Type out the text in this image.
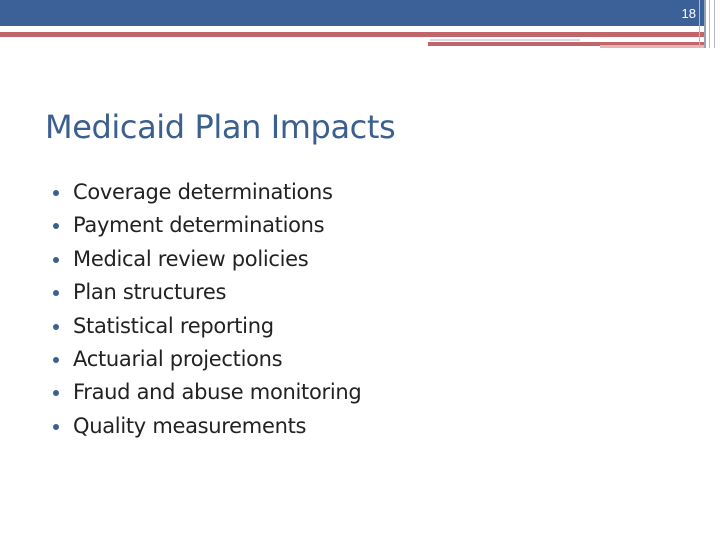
18
Medicaid Plan Impacts
Coverage determinations
Payment determinations
Medical review policies
Plan structures
Statistical reporting
Actuarial projections
Fraud and abuse monitoring
Quality measurements
